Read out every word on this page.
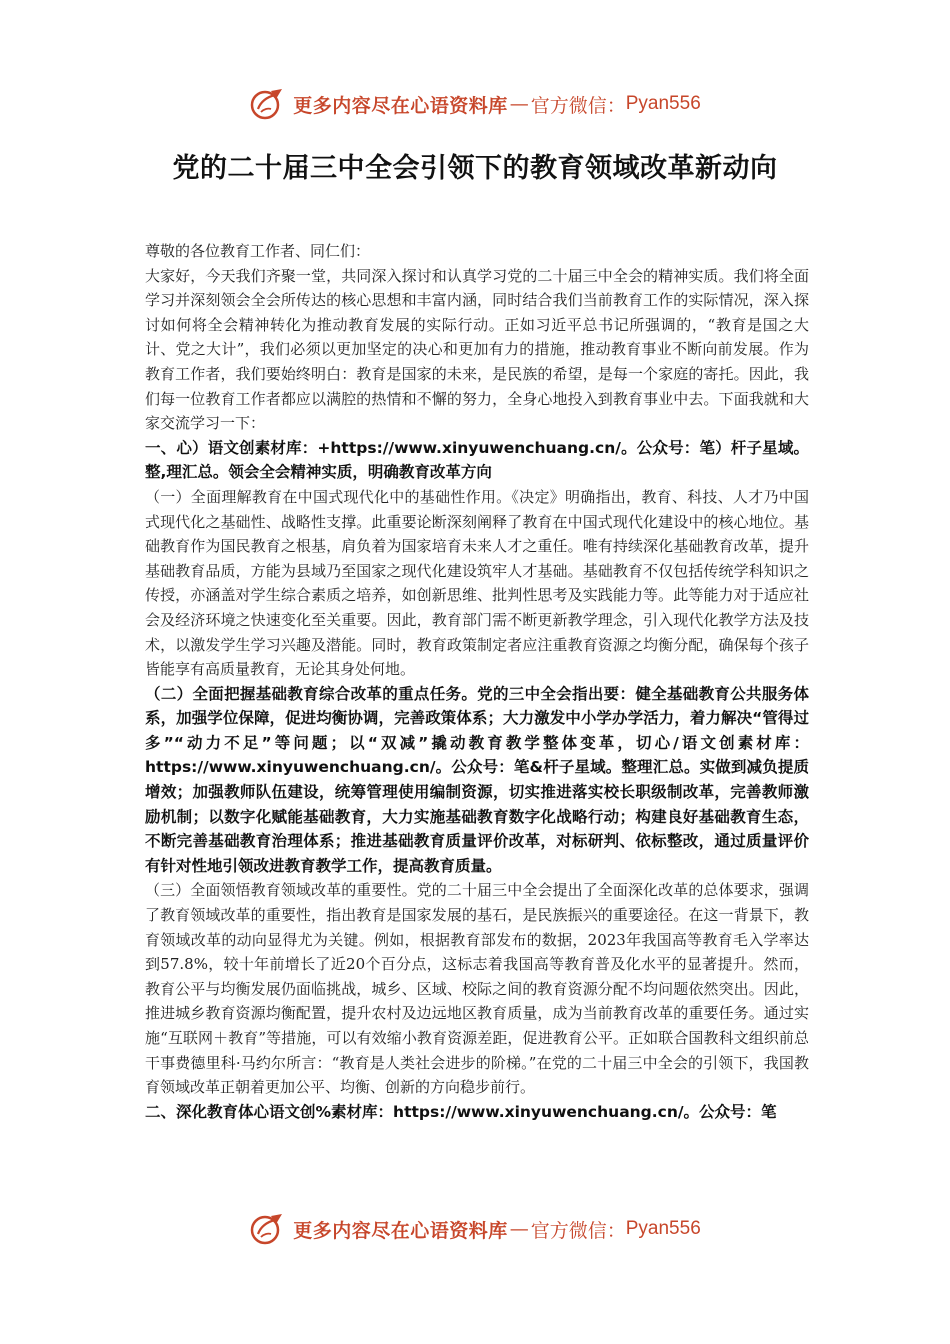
更多内容尽在心语资料库 — 官方微信： Pyan556
党的二十届三中全会引领下的教育领域改革新动向

尊敬的各位教育工作者、同仁们：

大家好，今天我们齐聚一堂，共同深入探讨和认真学习党的二十届三中全会的精神实质。我们将全面学习并深刻领会全会所传达的核心思想和丰富内涵，同时结合我们当前教育工作的实际情况，深入探讨如何将全会精神转化为推动教育发展的实际行动。正如习近平总书记所强调的，“教育是国之大计、党之大计”，我们必须以更加坚定的决心和更加有力的措施，推动教育事业不断向前发展。作为教育工作者，我们要始终明白：教育是国家的未来，是民族的希望，是每一个家庭的寄托。因此，我们每一位教育工作者都应以满腔的热情和不懈的努力，全身心地投入到教育事业中去。下面我就和大家交流学习一下：

一、心）语文创素材库：+https://www.xinyuwenchuang.cn/。公众号：笔）杆子星域。整,理汇总。领会全会精神实质，明确教育改革方向

（一）全面理解教育在中国式现代化中的基础性作用。《决定》明确指出，教育、科技、人才乃中国式现代化之基础性、战略性支撑。此重要论断深刻阐释了教育在中国式现代化建设中的核心地位。基础教育作为国民教育之根基，肩负着为国家培育未来人才之重任。唯有持续深化基础教育改革，提升基础教育品质，方能为县域乃至国家之现代化建设筑牢人才基础。基础教育不仅包括传统学科知识之传授，亦涵盖对学生综合素质之培养，如创新思维、批判性思考及实践能力等。此等能力对于适应社会及经济环境之快速变化至关重要。因此，教育部门需不断更新教学理念，引入现代化教学方法及技术，以激发学生学习兴趣及潜能。同时，教育政策制定者应注重教育资源之均衡分配，确保每个孩子皆能享有高质量教育，无论其身处何地。

（二）全面把握基础教育综合改革的重点任务。党的三中全会指出要：健全基础教育公共服务体系，加强学位保障，促进均衡协调，完善政策体系；大力激发中小学办学活力，着力解决“管得过多”“动力不足”等问题；以“双减”撬动教育教学整体变革，切心/语文创素材库：https://www.xinyuwenchuang.cn/。公众号：笔&杆子星域。整理汇总。实做到减负提质增效；加强教师队伍建设，统筹管理使用编制资源，切实推进落实校长职级制改革，完善教师激励机制；以数字化赋能基础教育，大力实施基础教育数字化战略行动；构建良好基础教育生态，不断完善基础教育治理体系；推进基础教育质量评价改革，对标研判、依标整改，通过质量评价有针对性地引领改进教育教学工作，提高教育质量。

（三）全面领悟教育领域改革的重要性。党的二十届三中全会提出了全面深化改革的总体要求，强调了教育领域改革的重要性，指出教育是国家发展的基石，是民族振兴的重要途径。在这一背景下，教育领域改革的动向显得尤为关键。例如，根据教育部发布的数据，2023年我国高等教育毛入学率达到57.8%，较十年前增长了近20个百分点，这标志着我国高等教育普及化水平的显著提升。然而，教育公平与均衡发展仍面临挑战，城乡、区域、校际之间的教育资源分配不均问题依然突出。因此，推进城乡教育资源均衡配置，提升农村及边远地区教育质量，成为当前教育改革的重要任务。通过实施“互联网＋教育”等措施，可以有效缩小教育资源差距，促进教育公平。正如联合国教科文组织前总干事费德里科·马约尔所言：“教育是人类社会进步的阶梯。”在党的二十届三中全会的引领下，我国教育领域改革正朝着更加公平、均衡、创新的方向稳步前行。

二、深化教育体心语文创%素材库：https://www.xinyuwenchuang.cn/。公众号：笔

更多内容尽在心语资料库 — 官方微信： Pyan556
